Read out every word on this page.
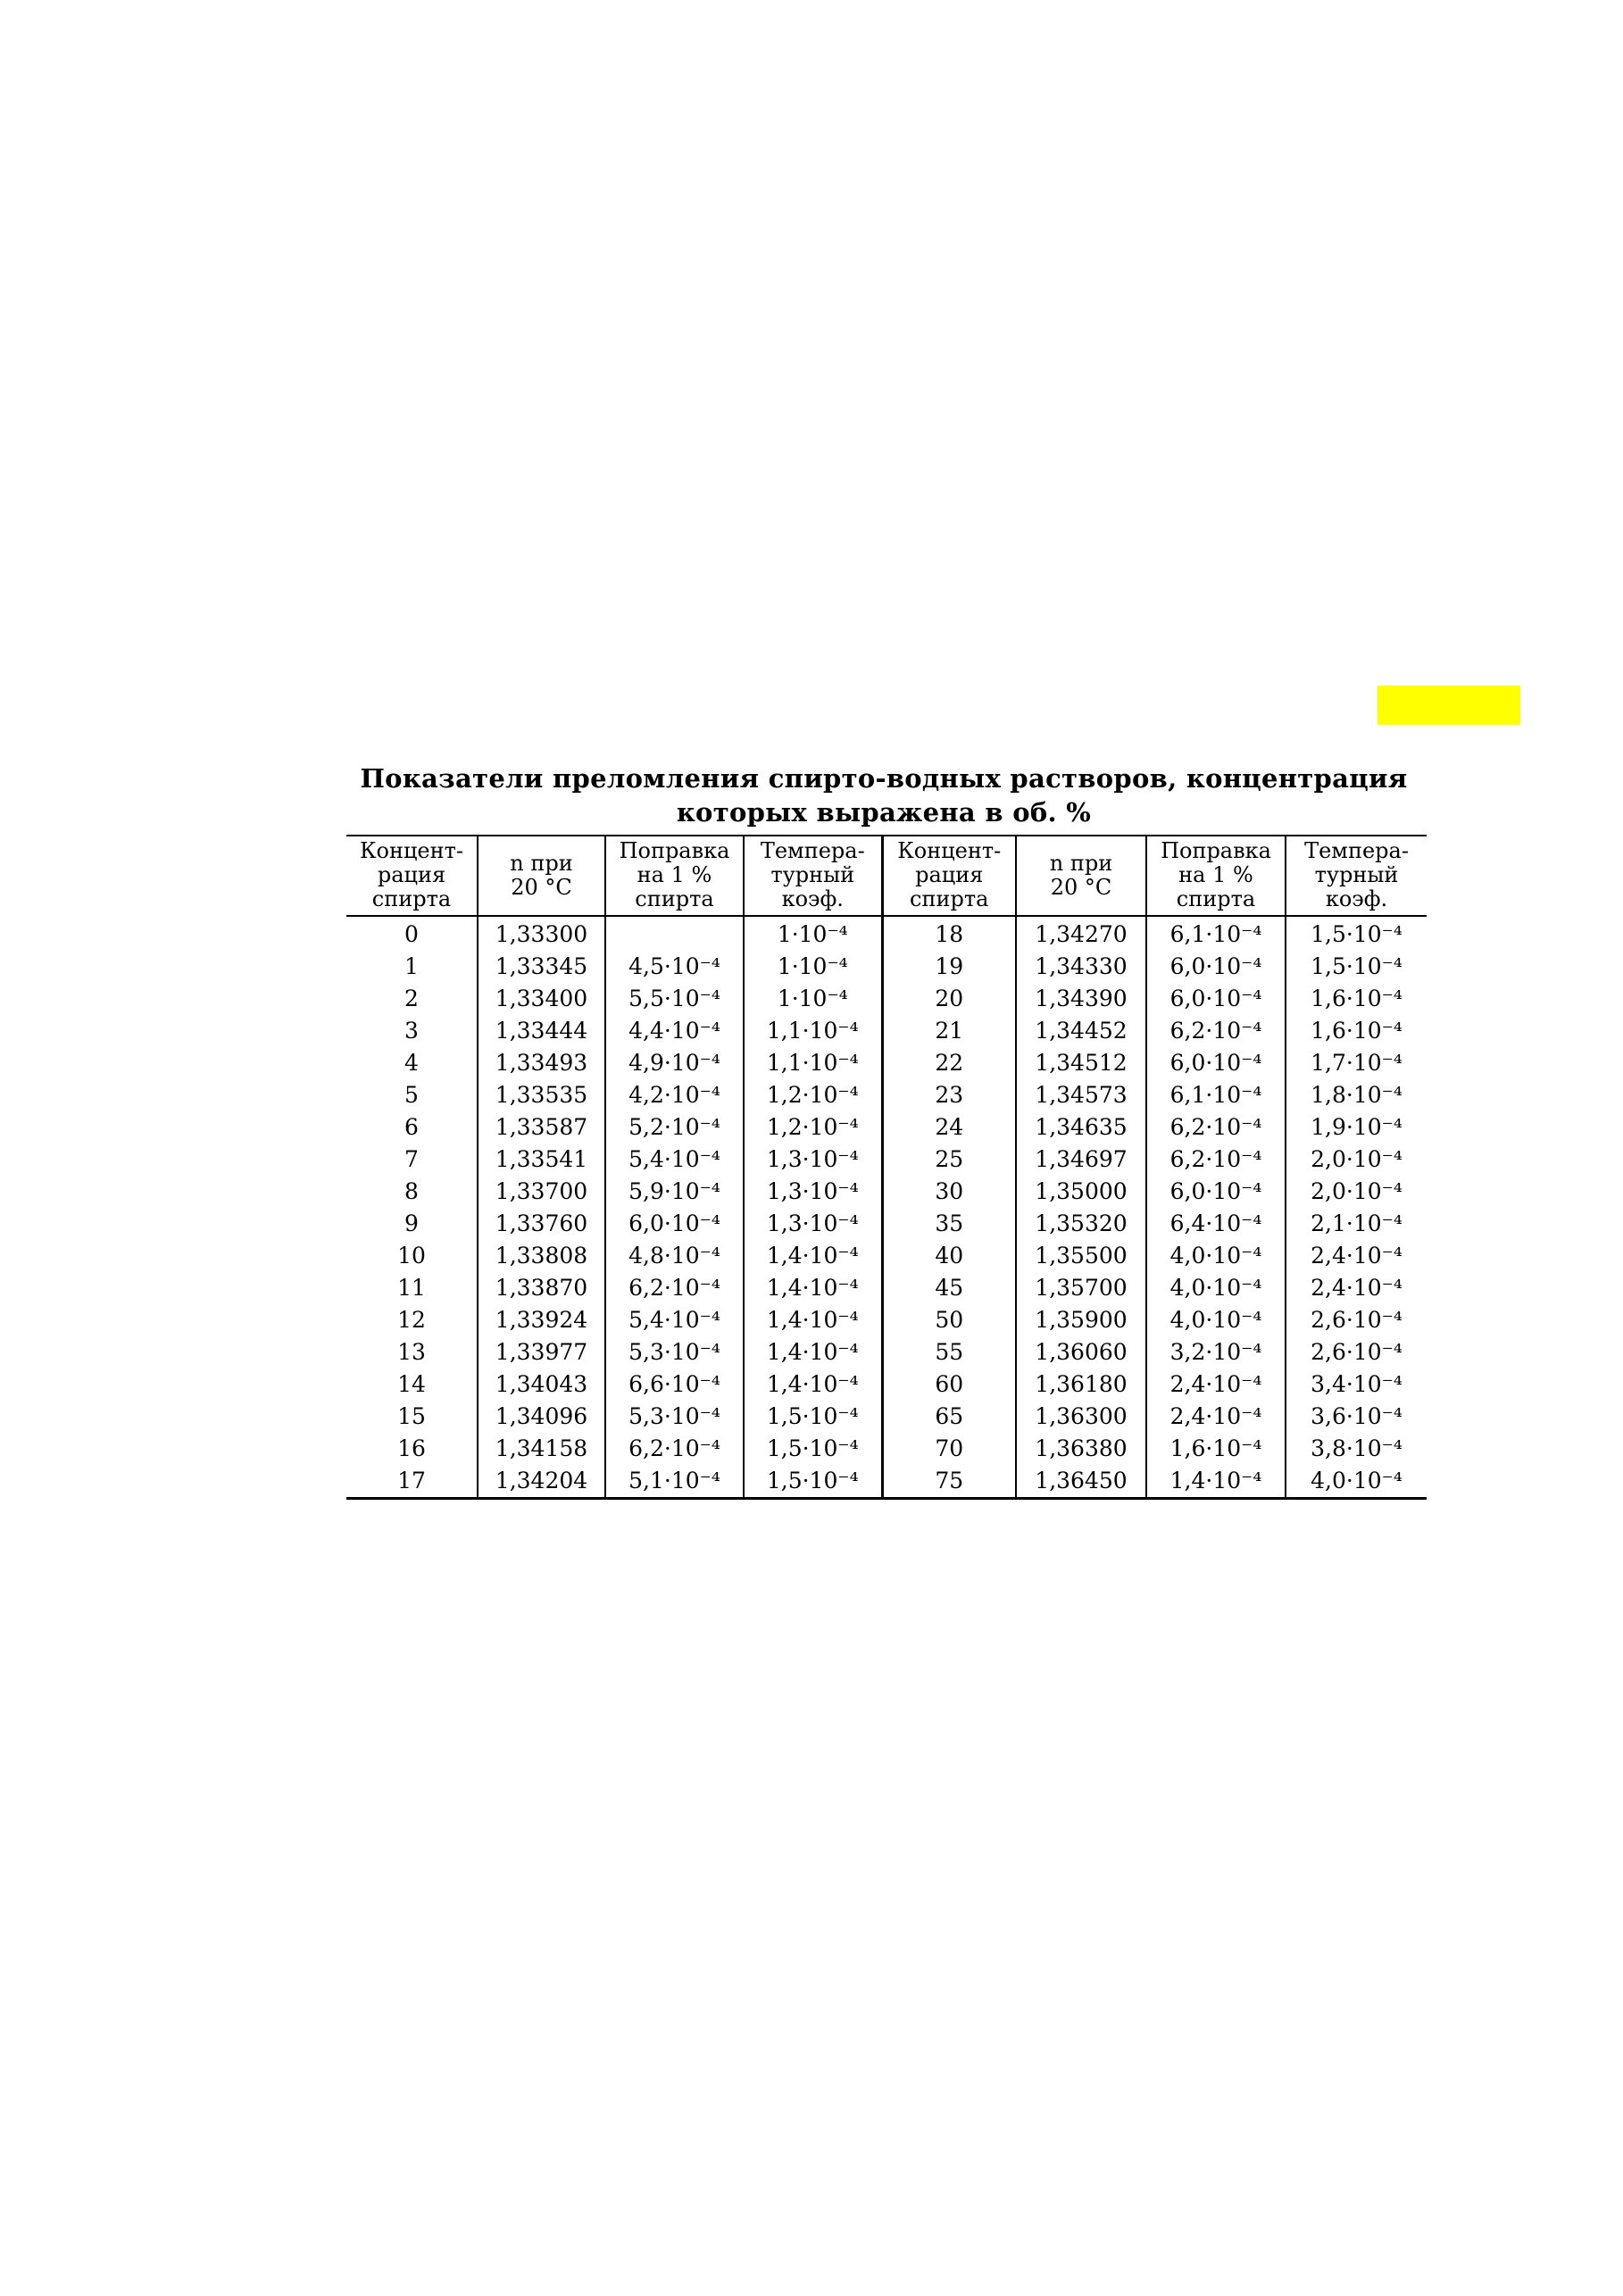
Показатели преломления спирто-водных растворов, концентрация
которых выражена в об. %
Концент-
рация
спирта	n при
20 °C	Поправка
на 1 %
спирта	Темпера-
турный
коэф.	Концент-
рация
спирта	n при
20 °C	Поправка
на 1 %
спирта	Темпера-
турный
коэф.

0	1,33300		1·10⁻⁴	18	1,34270	6,1·10⁻⁴	1,5·10⁻⁴
1	1,33345	4,5·10⁻⁴	1·10⁻⁴	19	1,34330	6,0·10⁻⁴	1,5·10⁻⁴
2	1,33400	5,5·10⁻⁴	1·10⁻⁴	20	1,34390	6,0·10⁻⁴	1,6·10⁻⁴
3	1,33444	4,4·10⁻⁴	1,1·10⁻⁴	21	1,34452	6,2·10⁻⁴	1,6·10⁻⁴
4	1,33493	4,9·10⁻⁴	1,1·10⁻⁴	22	1,34512	6,0·10⁻⁴	1,7·10⁻⁴
5	1,33535	4,2·10⁻⁴	1,2·10⁻⁴	23	1,34573	6,1·10⁻⁴	1,8·10⁻⁴
6	1,33587	5,2·10⁻⁴	1,2·10⁻⁴	24	1,34635	6,2·10⁻⁴	1,9·10⁻⁴
7	1,33541	5,4·10⁻⁴	1,3·10⁻⁴	25	1,34697	6,2·10⁻⁴	2,0·10⁻⁴
8	1,33700	5,9·10⁻⁴	1,3·10⁻⁴	30	1,35000	6,0·10⁻⁴	2,0·10⁻⁴
9	1,33760	6,0·10⁻⁴	1,3·10⁻⁴	35	1,35320	6,4·10⁻⁴	2,1·10⁻⁴
10	1,33808	4,8·10⁻⁴	1,4·10⁻⁴	40	1,35500	4,0·10⁻⁴	2,4·10⁻⁴
11	1,33870	6,2·10⁻⁴	1,4·10⁻⁴	45	1,35700	4,0·10⁻⁴	2,4·10⁻⁴
12	1,33924	5,4·10⁻⁴	1,4·10⁻⁴	50	1,35900	4,0·10⁻⁴	2,6·10⁻⁴
13	1,33977	5,3·10⁻⁴	1,4·10⁻⁴	55	1,36060	3,2·10⁻⁴	2,6·10⁻⁴
14	1,34043	6,6·10⁻⁴	1,4·10⁻⁴	60	1,36180	2,4·10⁻⁴	3,4·10⁻⁴
15	1,34096	5,3·10⁻⁴	1,5·10⁻⁴	65	1,36300	2,4·10⁻⁴	3,6·10⁻⁴
16	1,34158	6,2·10⁻⁴	1,5·10⁻⁴	70	1,36380	1,6·10⁻⁴	3,8·10⁻⁴
17	1,34204	5,1·10⁻⁴	1,5·10⁻⁴	75	1,36450	1,4·10⁻⁴	4,0·10⁻⁴
